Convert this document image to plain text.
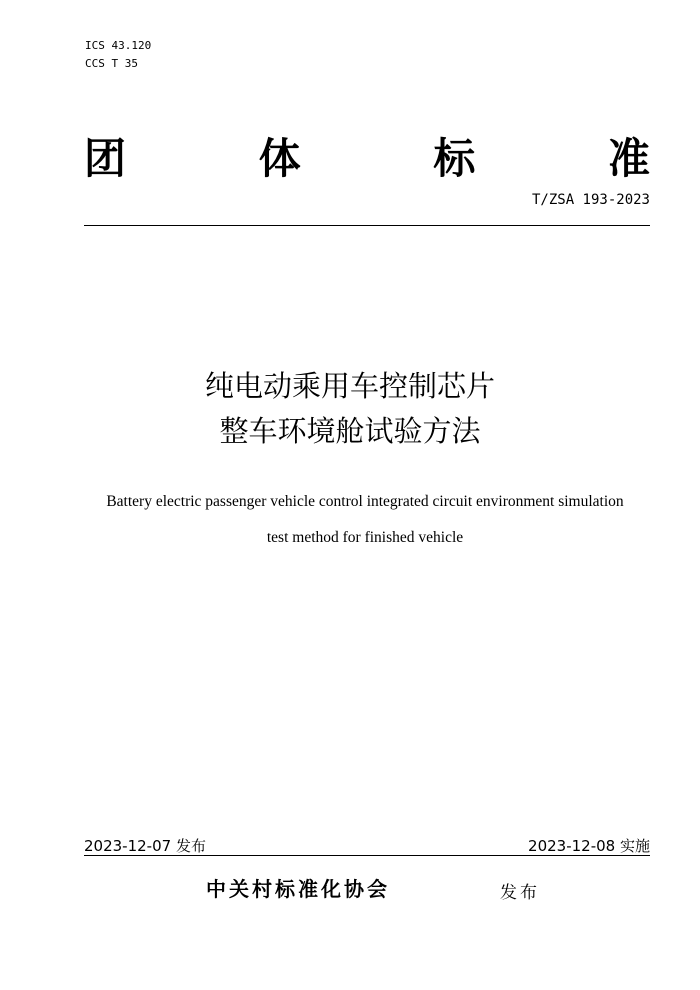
ICS 43.120
CCS T 35
团	体	标	准
T/ZSA 193-2023
纯电动乘用车控制芯片
整车环境舱试验方法
Battery electric passenger vehicle control integrated circuit environment simulation
test method for finished vehicle
2023-12-07 发布	2023-12-08 实施
中关村标准化协会	发布
